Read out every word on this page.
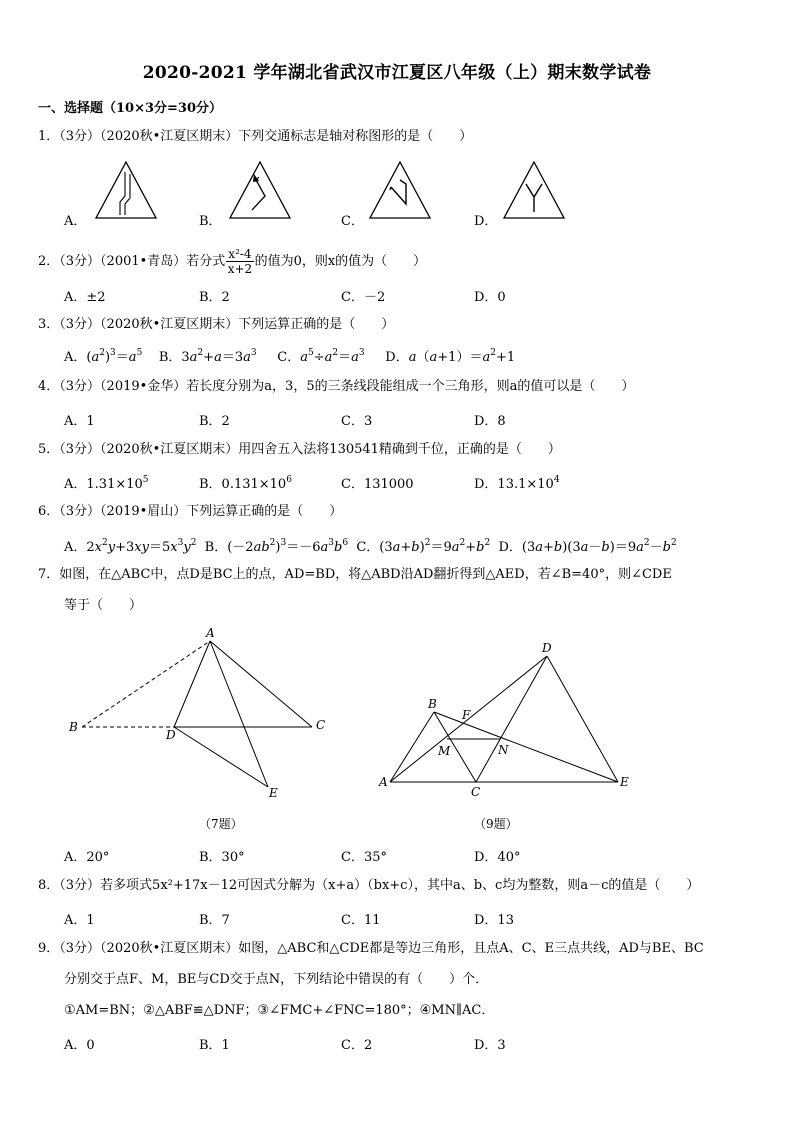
2020-2021 学年湖北省武汉市江夏区八年级（上）期末数学试卷
一、选择题（10×3分=30分）
1．（3分）（2020秋•江夏区期末）下列交通标志是轴对称图形的是（　　）
A．	B．	C．	D．
2．（3分）（2001•青岛）若分式 $\frac{\text{x²-4}}{x+2}$ 的值为0，则x的值为（　　）
A．±2	B．2	C．－2	D．0
3．（3分）（2020秋•江夏区期末）下列运算正确的是（　　）
A．$(a^2)^3=a^5$    B．$3a^2+a=3a^3$     C．$a^5\div a^2=a^3$     D．$a(a+1)=a^2+1$
4．（3分）（2019•金华）若长度分别为a，3，5的三条线段能组成一个三角形，则a的值可以是（　　）
A．1	B．2	C．3	D．8
5．（3分）（2020秋•江夏区期末）用四舍五入法将130541精确到千位，正确的是（　　）
A．$1.31\times 10^5$	B．$0.131\times 10^6$	C．131000	D．$13.1\times 10^4$
6．（3分）（2019•眉山）下列运算正确的是（　　）
A．$2x^2y+3xy=5x^3y^2$  B．$(-2ab^2)^3=-6a^3b^6$  C．$(3a+b)^2=9a^2+b^2$  D．$(3a+b)(3a-b)=9a^2-b^2$
7．如图，在△ABC中，点D是BC上的点，AD=BD，将△ABD沿AD翻折得到△AED，若∠B=40°，则∠CDE
等于（　　）
A
B	C
D
E
（7题）
D
B
F
M	N
A
C
E
（9题）
A．20°	B．30°	C．35°	D．40°
8．（3分）若多项式5x²+17x－12可因式分解为（x+a）（bx+c），其中a、b、c均为整数，则a－c的值是（　　）
A．1	B．7	C．11	D．13
9．（3分）（2020秋•江夏区期末）如图，△ABC和△CDE都是等边三角形，且点A、C、E三点共线，AD与BE、BC
分别交于点F、M，BE与CD交于点N，下列结论中错误的有（　　）个．
①AM=BN；②△ABF≌△DNF；③∠FMC+∠FNC=180°；④MN∥AC．
A．0	B．1	C．2	D．3
